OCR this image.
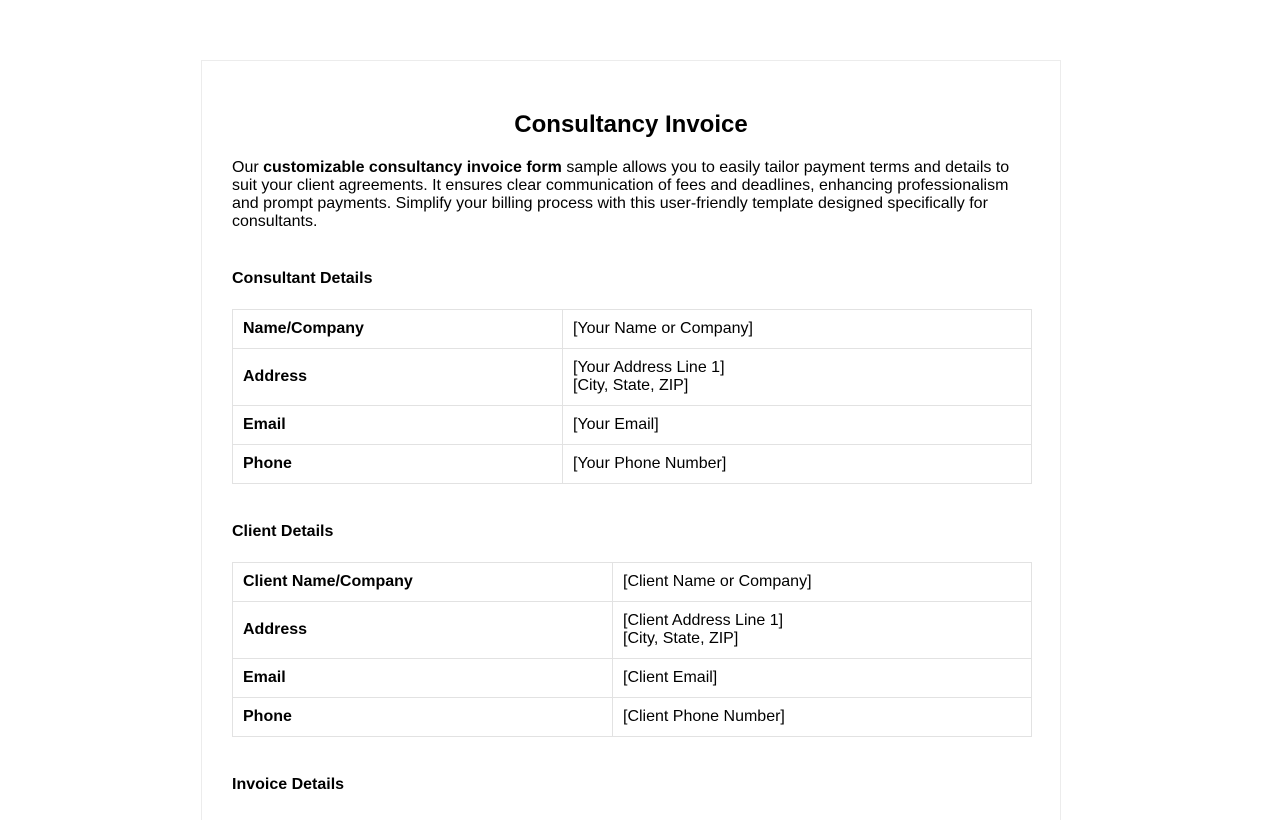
Consultancy Invoice

Our customizable consultancy invoice form sample allows you to easily tailor payment terms and details to suit your client agreements. It ensures clear communication of fees and deadlines, enhancing professionalism and prompt payments. Simplify your billing process with this user-friendly template designed specifically for consultants.

Consultant Details
Name/Company	[Your Name or Company]

Address	[Your Address Line 1]
[City, State, ZIP]

Email	[Your Email]

Phone	[Your Phone Number]
Client Details
Client Name/Company	[Client Name or Company]

Address	[Client Address Line 1]
[City, State, ZIP]

Email	[Client Email]

Phone	[Client Phone Number]
Invoice Details
